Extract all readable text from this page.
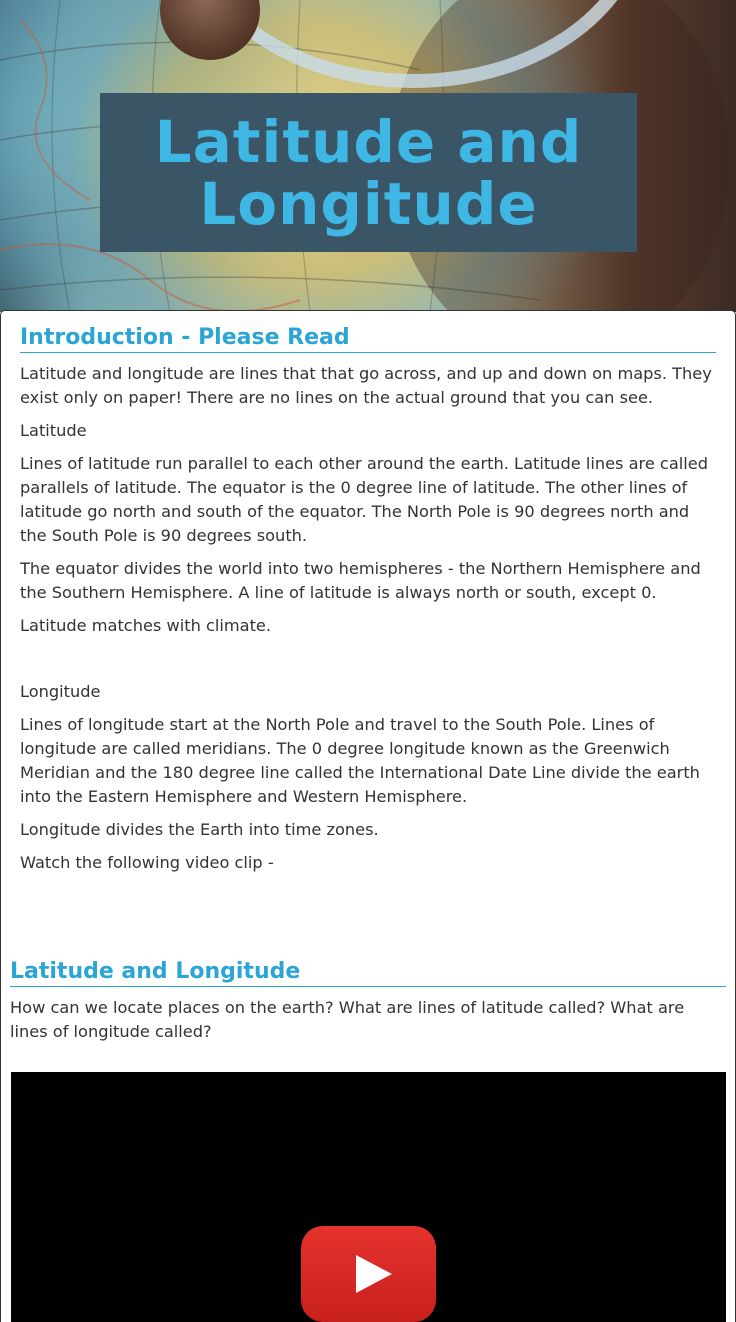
Latitude and Longitude
Introduction - Please Read

Latitude and longitude are lines that that go across, and up and down on maps. They exist only on paper! There are no lines on the actual ground that you can see.

Latitude

Lines of latitude run parallel to each other around the earth. Latitude lines are called parallels of latitude. The equator is the 0 degree line of latitude. The other lines of latitude go north and south of the equator. The North Pole is 90 degrees north and the South Pole is 90 degrees south.

The equator divides the world into two hemispheres - the Northern Hemisphere and the Southern Hemisphere. A line of latitude is always north or south, except 0.

Latitude matches with climate.

Longitude

Lines of longitude start at the North Pole and travel to the South Pole. Lines of longitude are called meridians. The 0 degree longitude known as the Greenwich Meridian and the 180 degree line called the International Date Line divide the earth into the Eastern Hemisphere and Western Hemisphere.

Longitude divides the Earth into time zones.

Watch the following video clip -

Latitude and Longitude

How can we locate places on the earth? What are lines of latitude called? What are lines of longitude called?
